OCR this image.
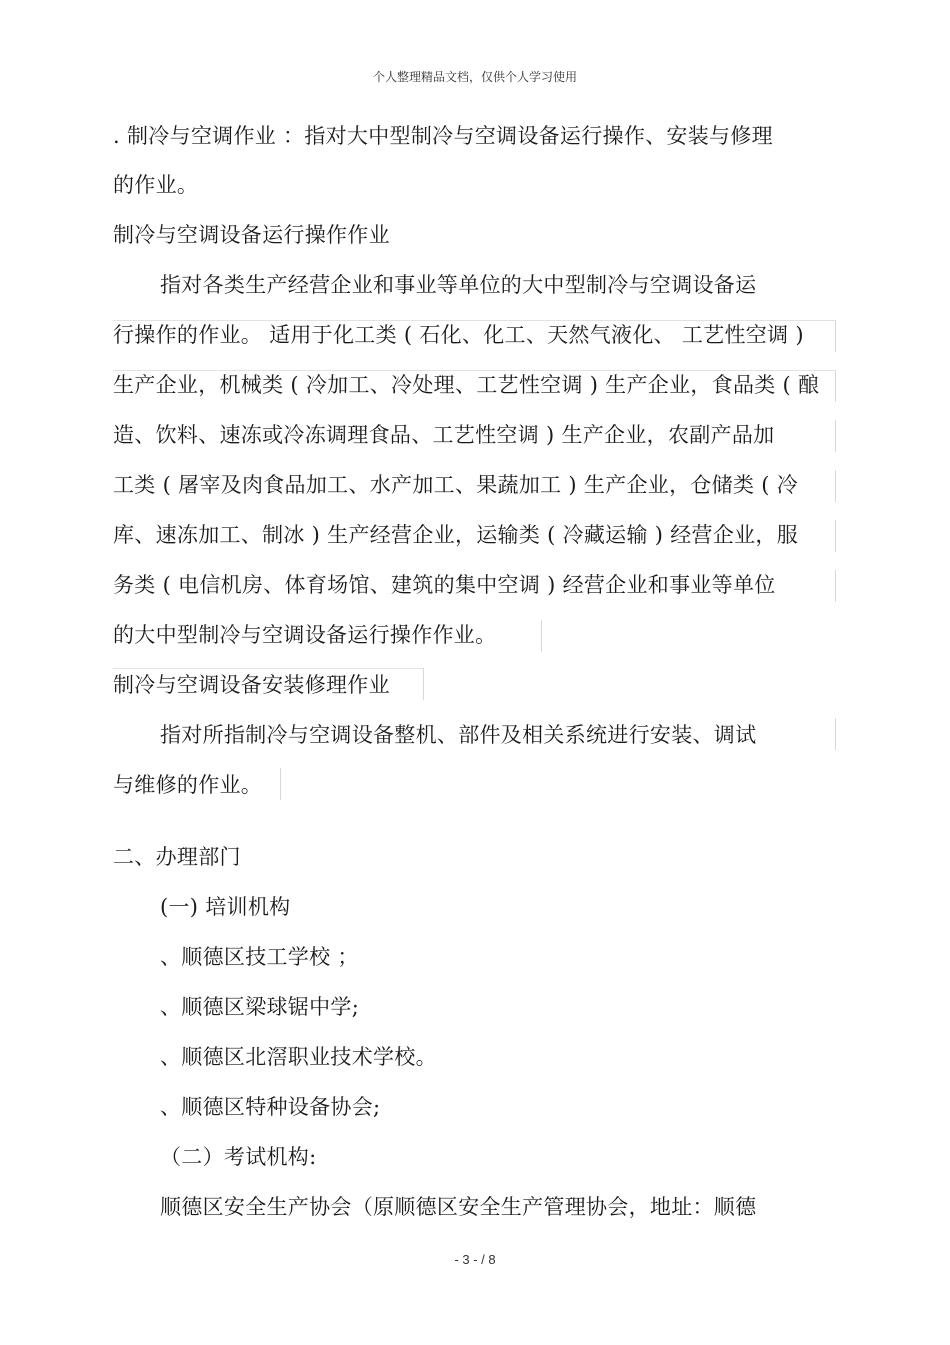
个人整理精品文档，仅供个人学习使用
. 制冷与空调作业 ：指对大中型制冷与空调设备运行操作、安装与修理
的作业。
制冷与空调设备运行操作作业
指对各类生产经营企业和事业等单位的大中型制冷与空调设备运
行操作的作业。 适用于化工类 ( 石化、化工、天然气液化、 工艺性空调 )
生产企业，机械类 ( 冷加工、冷处理、工艺性空调 ) 生产企业，食品类 ( 酿
造、饮料、速冻或冷冻调理食品、工艺性空调 ) 生产企业，农副产品加
工类 ( 屠宰及肉食品加工、水产加工、果蔬加工 ) 生产企业，仓储类 ( 冷
库、速冻加工、制冰 ) 生产经营企业，运输类 ( 冷藏运输 ) 经营企业，服
务类 ( 电信机房、体育场馆、建筑的集中空调 ) 经营企业和事业等单位
的大中型制冷与空调设备运行操作作业。
制冷与空调设备安装修理作业
指对所指制冷与空调设备整机、部件及相关系统进行安装、调试
与维修的作业。
二、办理部门
(一) 培训机构
、顺德区技工学校 ；
、顺德区梁球锯中学;
、顺德区北滘职业技术学校。
、顺德区特种设备协会;
（二）考试机构:
顺德区安全生产协会（原顺德区安全生产管理协会，地址：顺德
- 3 - / 8
